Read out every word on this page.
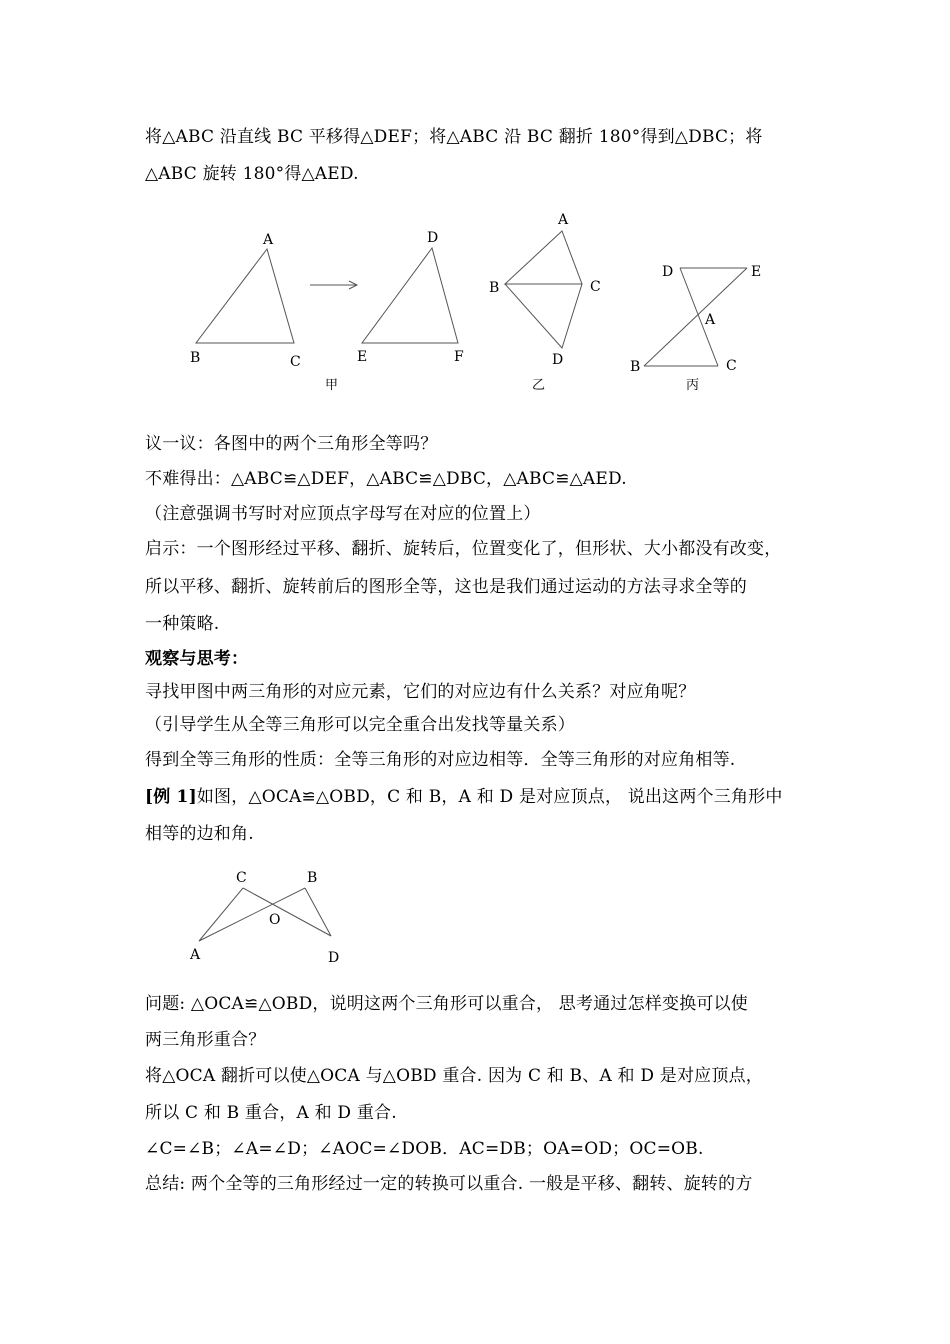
将△ABC 沿直线 BC 平移得△DEF；将△ABC 沿 BC 翻折 180°得到△DBC；将
△ABC 旋转 180°得△AED.
A
B	C
D
E	F
甲
A
B	C
D
乙
D	E
A
B	C
丙
C	B
O
A	D
议一议：各图中的两个三角形全等吗？
不难得出：△ABC≌△DEF，△ABC≌△DBC，△ABC≌△AED.
（注意强调书写时对应顶点字母写在对应的位置上）
启示：一个图形经过平移、翻折、旋转后，位置变化了，但形状、大小都没有改变，
所以平移、翻折、旋转前后的图形全等，这也是我们通过运动的方法寻求全等的
一种策略.
观察与思考：
寻找甲图中两三角形的对应元素，它们的对应边有什么关系？对应角呢？
（引导学生从全等三角形可以完全重合出发找等量关系）
得到全等三角形的性质：全等三角形的对应边相等．全等三角形的对应角相等.
[例 1]如图，△OCA≌△OBD，C 和 B，A 和 D 是对应顶点， 说出这两个三角形中
相等的边和角.
问题: △OCA≌△OBD，说明这两个三角形可以重合， 思考通过怎样变换可以使
两三角形重合？
将△OCA 翻折可以使△OCA 与△OBD 重合. 因为 C 和 B、A 和 D 是对应顶点，
所以 C 和 B 重合，A 和 D 重合.
∠C=∠B；∠A=∠D；∠AOC=∠DOB．AC=DB；OA=OD；OC=OB.
总结: 两个全等的三角形经过一定的转换可以重合. 一般是平移、翻转、旋转的方
